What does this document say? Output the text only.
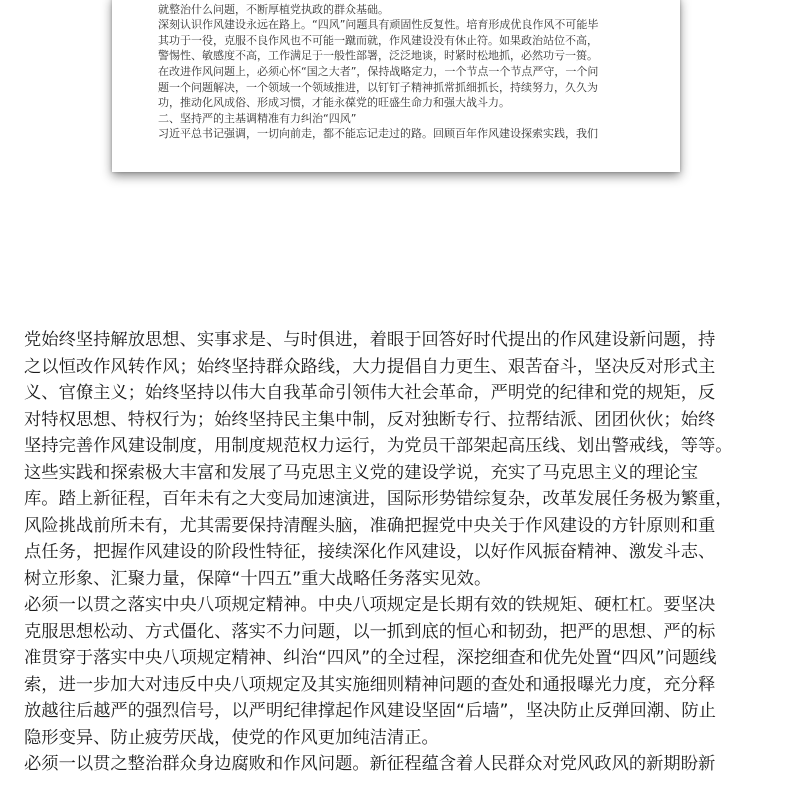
就整治什么问题，不断厚植党执政的群众基础。
深刻认识作风建设永远在路上。“四风”问题具有顽固性反复性。培育形成优良作风不可能毕
其功于一役，克服不良作风也不可能一蹴而就，作风建设没有休止符。如果政治站位不高，
警惕性、敏感度不高，工作满足于一般性部署，泛泛地谈，时紧时松地抓，必然功亏一篑。
在改进作风问题上，必须心怀“国之大者”，保持战略定力，一个节点一个节点严守，一个问
题一个问题解决，一个领域一个领域推进，以钉钉子精神抓常抓细抓长，持续努力，久久为
功，推动化风成俗、形成习惯，才能永葆党的旺盛生命力和强大战斗力。
二、坚持严的主基调精准有力纠治“四风”
习近平总书记强调，一切向前走，都不能忘记走过的路。回顾百年作风建设探索实践，我们
党始终坚持解放思想、实事求是、与时俱进，着眼于回答好时代提出的作风建设新问题，持
之以恒改作风转作风；始终坚持群众路线，大力提倡自力更生、艰苦奋斗，坚决反对形式主
义、官僚主义；始终坚持以伟大自我革命引领伟大社会革命，严明党的纪律和党的规矩，反
对特权思想、特权行为；始终坚持民主集中制，反对独断专行、拉帮结派、团团伙伙；始终
坚持完善作风建设制度，用制度规范权力运行，为党员干部架起高压线、划出警戒线，等等。
这些实践和探索极大丰富和发展了马克思主义党的建设学说，充实了马克思主义的理论宝
库。踏上新征程，百年未有之大变局加速演进，国际形势错综复杂，改革发展任务极为繁重，
风险挑战前所未有，尤其需要保持清醒头脑，准确把握党中央关于作风建设的方针原则和重
点任务，把握作风建设的阶段性特征，接续深化作风建设，以好作风振奋精神、激发斗志、
树立形象、汇聚力量，保障“十四五”重大战略任务落实见效。
必须一以贯之落实中央八项规定精神。中央八项规定是长期有效的铁规矩、硬杠杠。要坚决
克服思想松动、方式僵化、落实不力问题，以一抓到底的恒心和韧劲，把严的思想、严的标
准贯穿于落实中央八项规定精神、纠治“四风”的全过程，深挖细查和优先处置“四风”问题线
索，进一步加大对违反中央八项规定及其实施细则精神问题的查处和通报曝光力度，充分释
放越往后越严的强烈信号，以严明纪律撑起作风建设坚固“后墙”，坚决防止反弹回潮、防止
隐形变异、防止疲劳厌战，使党的作风更加纯洁清正。
必须一以贯之整治群众身边腐败和作风问题。新征程蕴含着人民群众对党风政风的新期盼新
